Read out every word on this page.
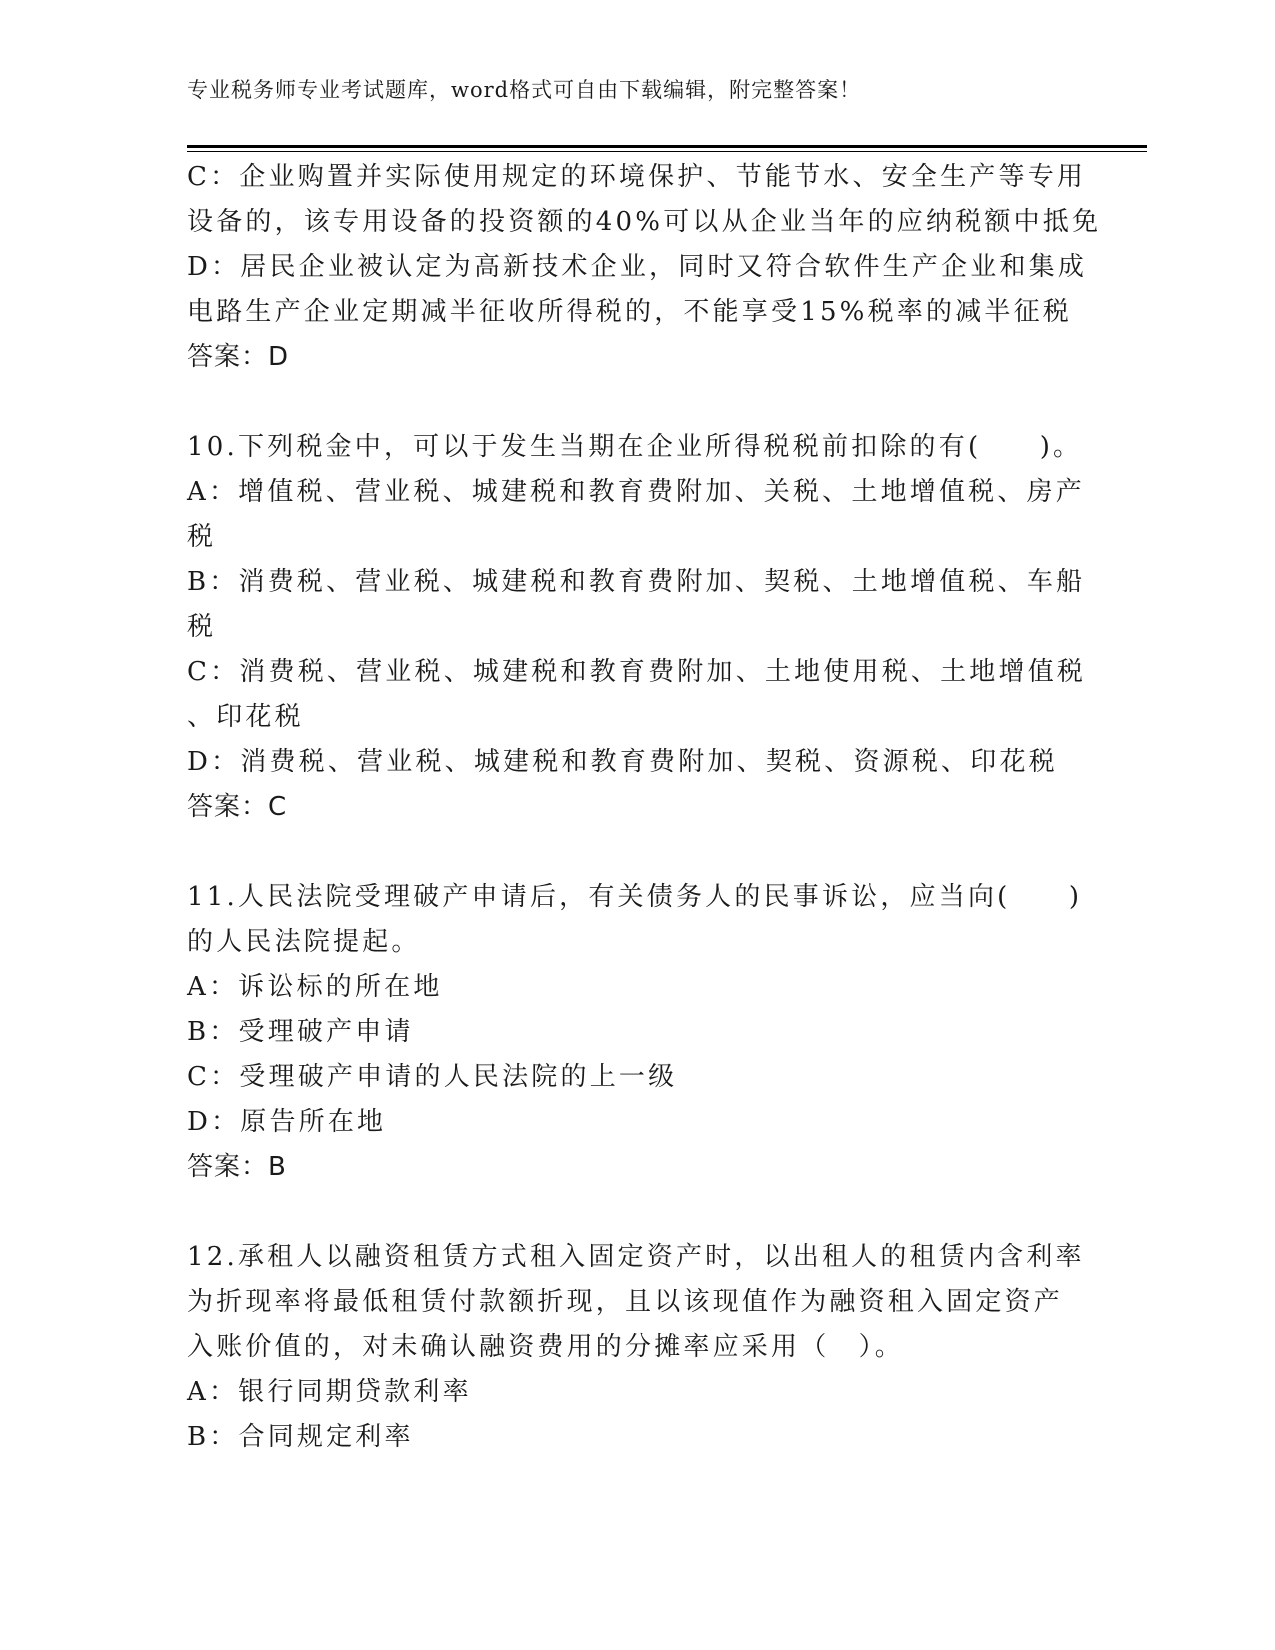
专业税务师专业考试题库，word格式可自由下载编辑，附完整答案！
C：企业购置并实际使用规定的环境保护、节能节水、安全生产等专用
设备的，该专用设备的投资额的40%可以从企业当年的应纳税额中抵免
D：居民企业被认定为高新技术企业，同时又符合软件生产企业和集成
电路生产企业定期减半征收所得税的，不能享受15%税率的减半征税
答案：D
10.下列税金中，可以于发生当期在企业所得税税前扣除的有(　　)。
A：增值税、营业税、城建税和教育费附加、关税、土地增值税、房产
税
B：消费税、营业税、城建税和教育费附加、契税、土地增值税、车船
税
C：消费税、营业税、城建税和教育费附加、土地使用税、土地增值税
、印花税
D：消费税、营业税、城建税和教育费附加、契税、资源税、印花税
答案：C
11.人民法院受理破产申请后，有关债务人的民事诉讼，应当向(　　)
的人民法院提起。
A：诉讼标的所在地
B：受理破产申请
C：受理破产申请的人民法院的上一级
D：原告所在地
答案：B
12.承租人以融资租赁方式租入固定资产时，以出租人的租赁内含利率
为折现率将最低租赁付款额折现，且以该现值作为融资租入固定资产
入账价值的，对未确认融资费用的分摊率应采用（　）。
A：银行同期贷款利率
B：合同规定利率
